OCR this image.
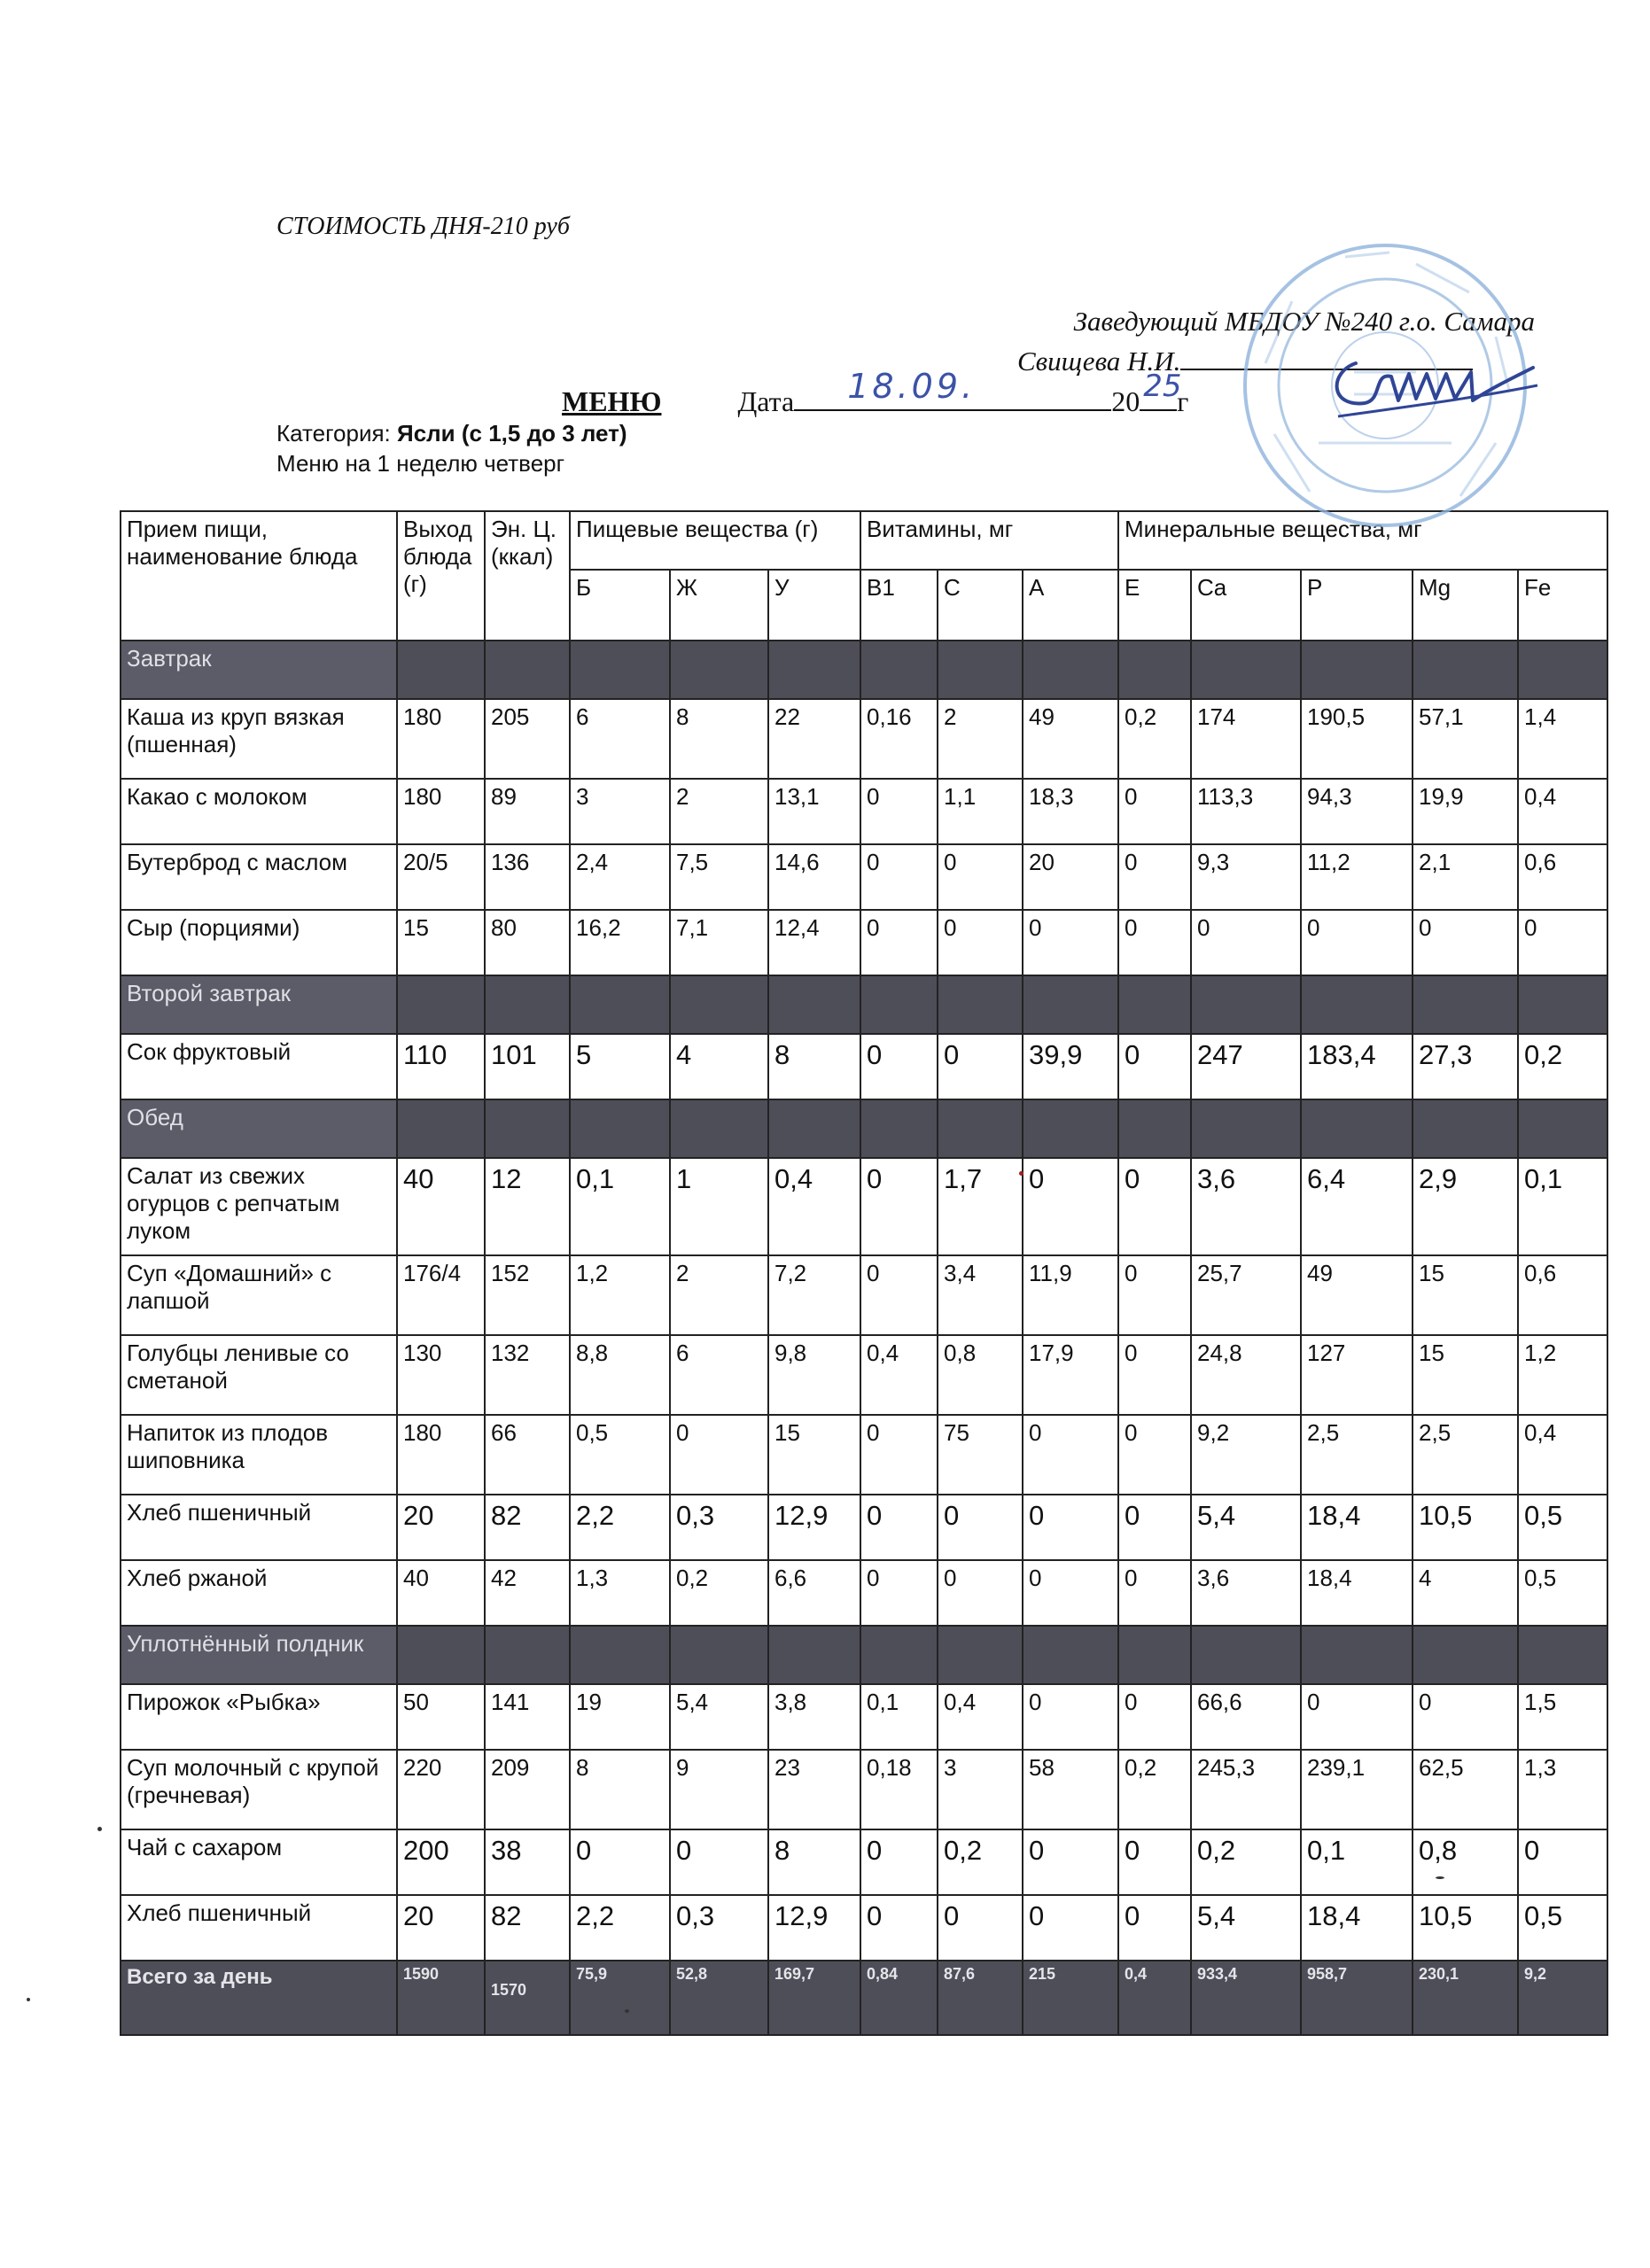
СТОИМОСТЬ ДНЯ-210 руб
Заведующий МБДОУ №240 г.о. Самара
Свищева Н.И.
МЕНЮ	Дата 18.09.	20 25
г
Категория: Ясли (с 1,5 до 3 лет)
Меню на 1 неделю четверг
Прием пищи, наименование блюда	Выход блюда (г)	Эн. Ц.(ккал)	Пищевые вещества (г)			Витамины, мг			Минеральные вещества, мг				
			Б	Ж	У	B1	C	A	E	Ca	P	Mg	Fe
Завтрак													
Каша из круп вязкая (пшенная)	180	205	6	8	22	0,16	2	49	0,2	174	190,5	57,1	1,4
Какао с молоком	180	89	3	2	13,1	0	1,1	18,3	0	113,3	94,3	19,9	0,4
Бутерброд с маслом	20/5	136	2,4	7,5	14,6	0	0	20	0	9,3	11,2	2,1	0,6
Сыр (порциями)	15	80	16,2	7,1	12,4	0	0	0	0	0	0	0	0
Второй завтрак													
Сок фруктовый	110	101	5	4	8	0	0	39,9	0	247	183,4	27,3	0,2
Обед													
Салат из свежих огурцов с репчатым луком	40	12	0,1	1	0,4	0	1,7	0	0	3,6	6,4	2,9	0,1
Суп «Домашний» с лапшой	176/4	152	1,2	2	7,2	0	3,4	11,9	0	25,7	49	15	0,6
Голубцы ленивые со сметаной	130	132	8,8	6	9,8	0,4	0,8	17,9	0	24,8	127	15	1,2
Напиток из плодов шиповника	180	66	0,5	0	15	0	75	0	0	9,2	2,5	2,5	0,4
Хлеб пшеничный	20	82	2,2	0,3	12,9	0	0	0	0	5,4	18,4	10,5	0,5
Хлеб ржаной	40	42	1,3	0,2	6,6	0	0	0	0	3,6	18,4	4	0,5
Уплотнённый полдник													
Пирожок «Рыбка»	50	141	19	5,4	3,8	0,1	0,4	0	0	66,6	0	0	1,5
Суп молочный с крупой (гречневая)	220	209	8	9	23	0,18	3	58	0,2	245,3	239,1	62,5	1,3
Чай с сахаром	200	38	0	0	8	0	0,2	0	0	0,2	0,1	0,8	0
Хлеб пшеничный	20	82	2,2	0,3	12,9	0	0	0	0	5,4	18,4	10,5	0,5
Всего за день	1590	1570	75,9	52,8	169,7	0,84	87,6	215	0,4	933,4	958,7	230,1	9,2
